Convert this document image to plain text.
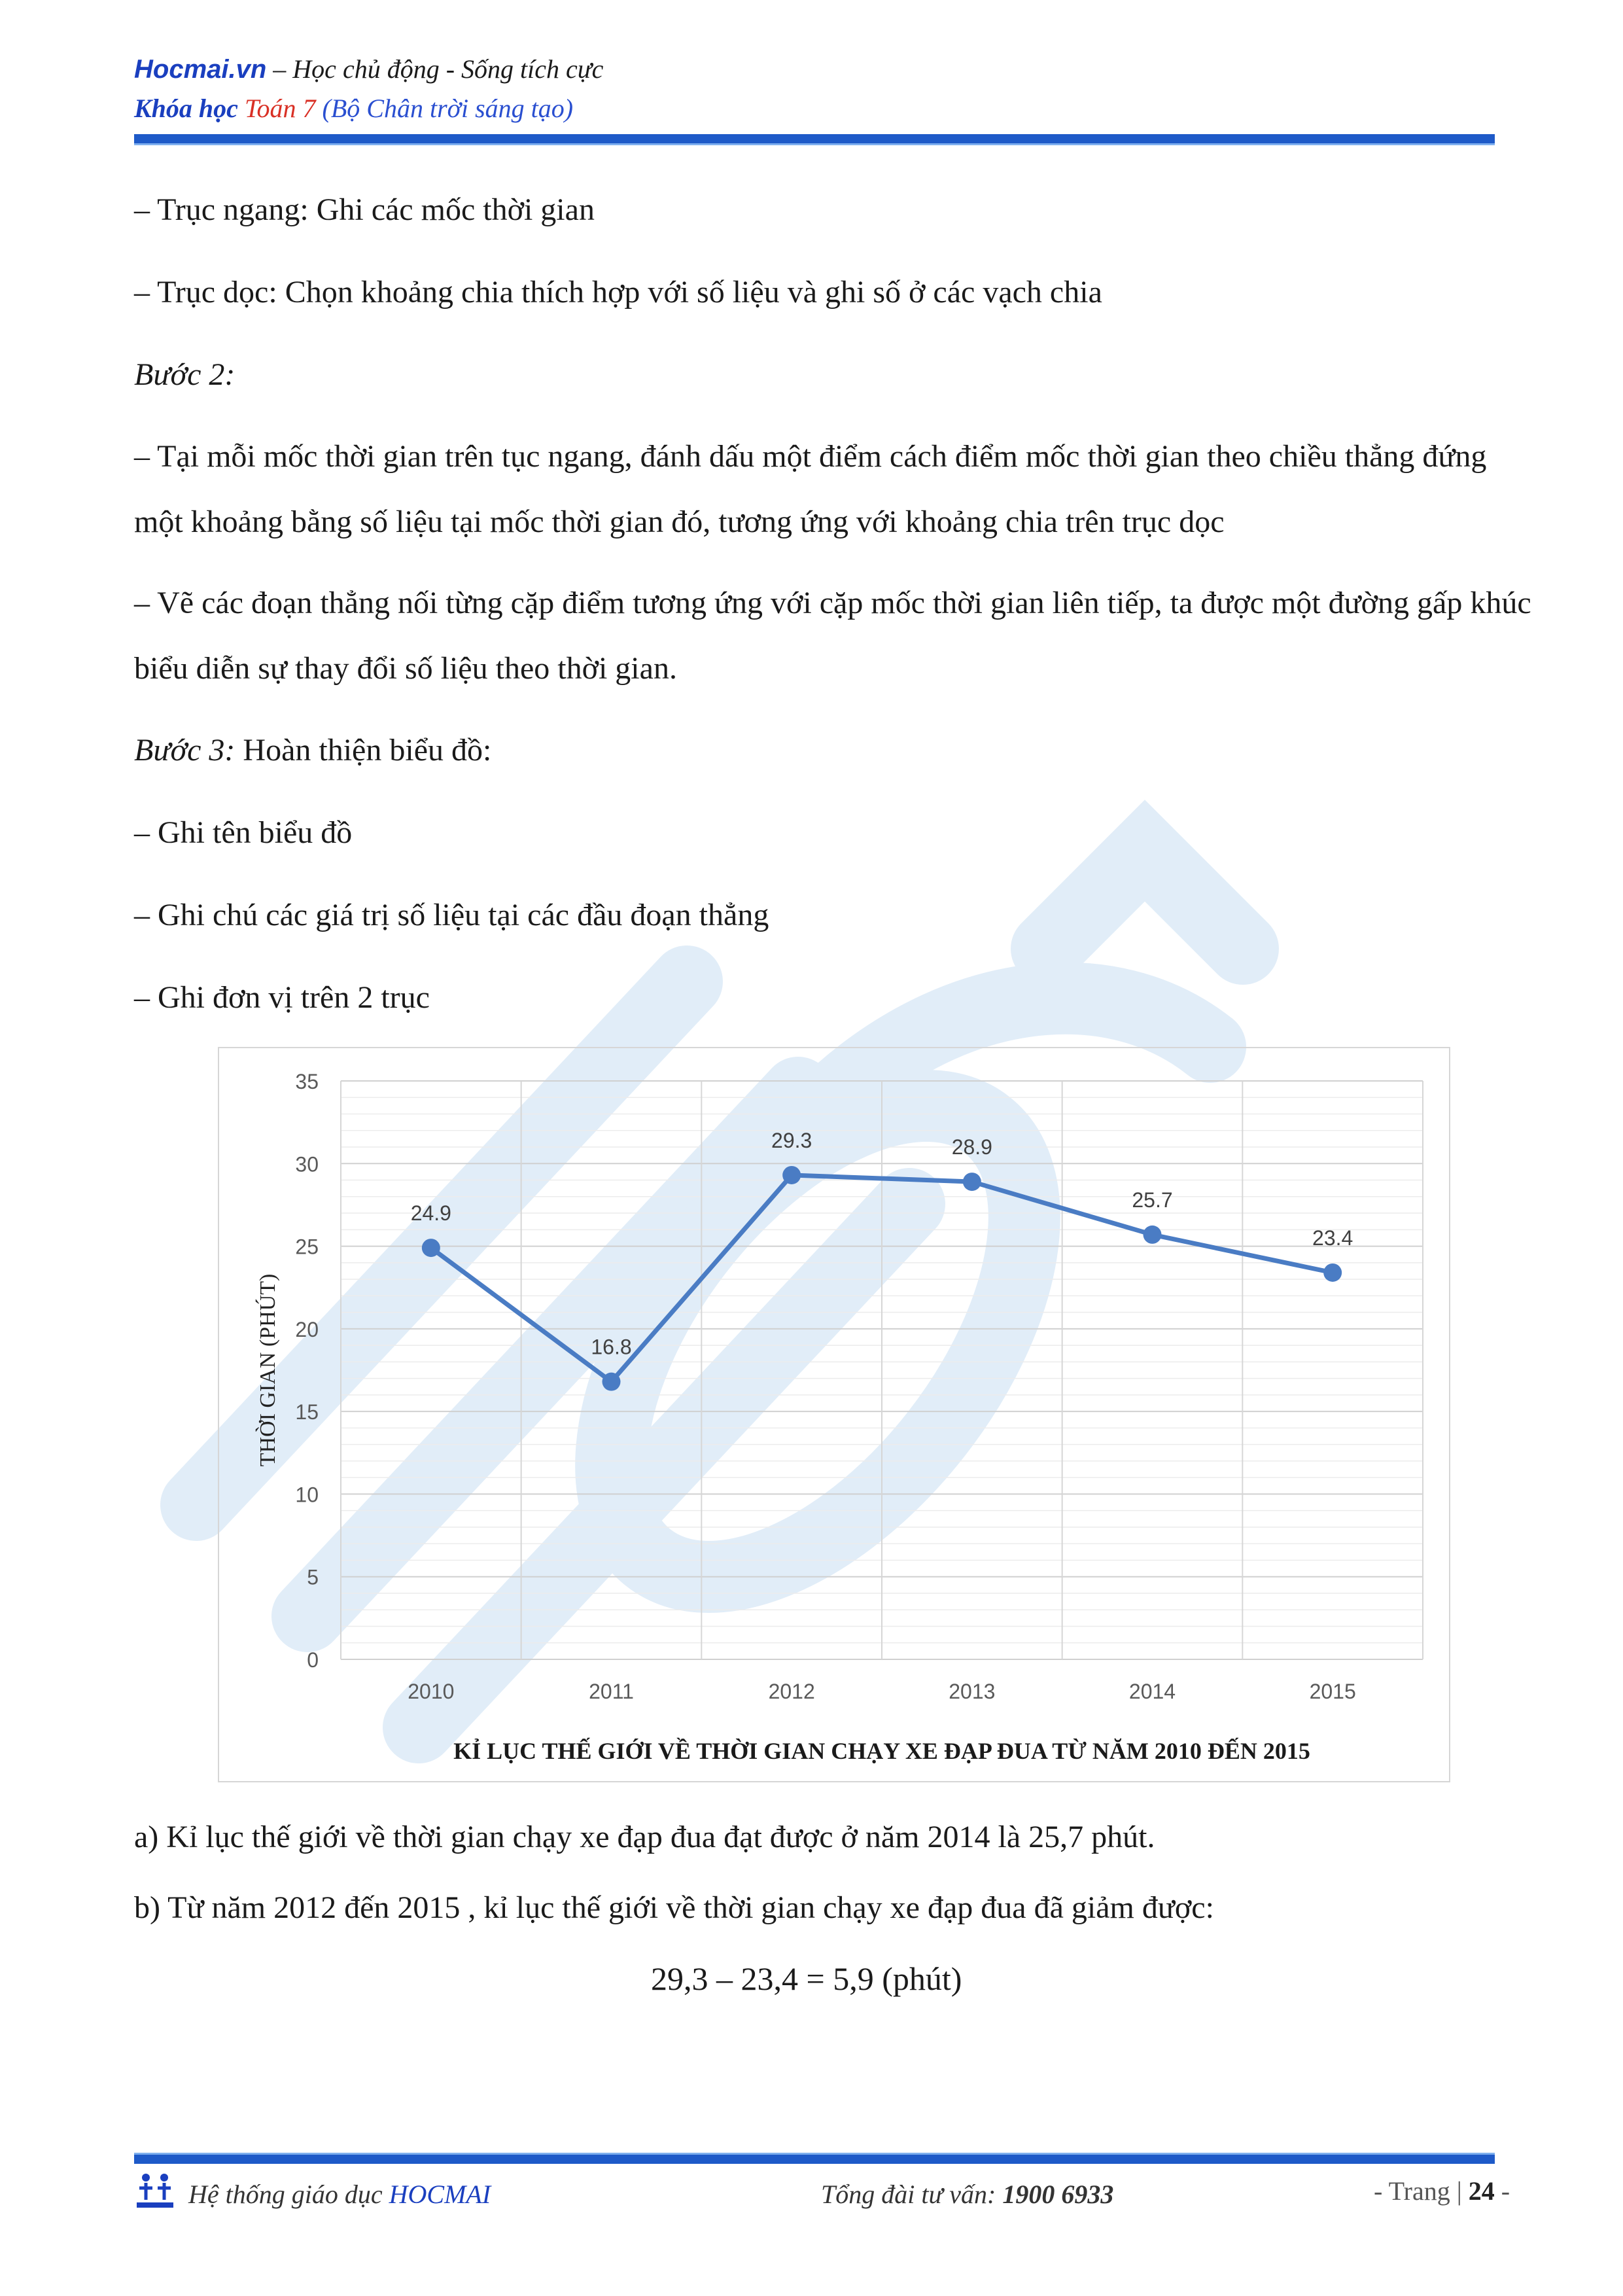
Hocmai.vn – Học chủ động - Sống tích cực
Khóa học Toán 7 (Bộ Chân trời sáng tạo)

– Trục ngang: Ghi các mốc thời gian

– Trục dọc: Chọn khoảng chia thích hợp với số liệu và ghi số ở các vạch chia

Bước 2:

– Tại mỗi mốc thời gian trên tục ngang, đánh dấu một điểm cách điểm mốc thời gian theo chiều thẳng đứng một khoảng bằng số liệu tại mốc thời gian đó, tương ứng với khoảng chia trên trục dọc

– Vẽ các đoạn thẳng nối từng cặp điểm tương ứng với cặp mốc thời gian liên tiếp, ta được một đường gấp khúc biểu diễn sự thay đổi số liệu theo thời gian.

Bước 3: Hoàn thiện biểu đồ:

– Ghi tên biểu đồ

– Ghi chú các giá trị số liệu tại các đầu đoạn thẳng

– Ghi đơn vị trên 2 trục

0
5
10
15
20
25
30
35
2010	2011	2012	2013	2014	2015
THỜI GIAN (PHÚT)
24.9
16.8
29.3	28.9
25.7
23.4
KỈ LỤC THẾ GIỚI VỀ THỜI GIAN CHẠY XE ĐẠP ĐUA TỪ NĂM 2010 ĐẾN 2015

a) Kỉ lục thế giới về thời gian chạy xe đạp đua đạt được ở năm 2014 là 25,7 phút.

b) Từ năm 2012 đến 2015 , kỉ lục thế giới về thời gian chạy xe đạp đua đã giảm được:

29,3 – 23,4 = 5,9 (phút)

Hệ thống giáo dục HOCMAI	Tổng đài tư vấn: 1900 6933	- Trang | 24 -
